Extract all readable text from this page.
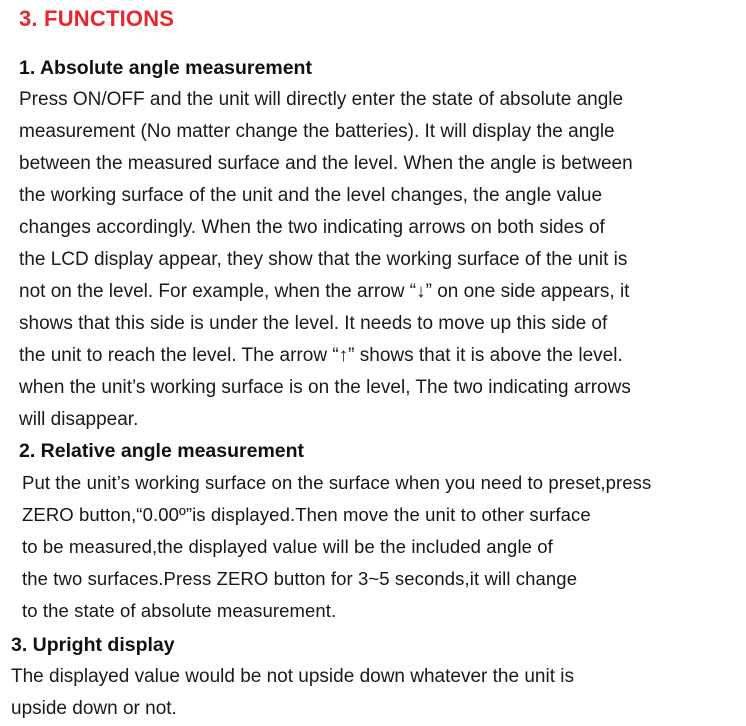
3. FUNCTIONS
1. Absolute angle measurement
Press ON/OFF and the unit will directly enter the state of absolute angle
measurement (No matter change the batteries). It will display the angle
between the measured surface and the level. When the angle is between
the working surface of the unit and the level changes, the angle value
changes accordingly. When the two indicating arrows on both sides of
the LCD display appear, they show that the working surface of the unit is
not on the level. For example, when the arrow “↓” on one side appears, it
shows that this side is under the level. It needs to move up this side of
the unit to reach the level. The arrow “↑” shows that it is above the level.
when the unit’s working surface is on the level, The two indicating arrows
will disappear.
2. Relative angle measurement
Put the unit’s working surface on the surface when you need to preset,press
ZERO button,“0.00º”is displayed.Then move the unit to other surface
to be measured,the displayed value will be the included angle of
the two surfaces.Press ZERO button for 3~5 seconds,it will change
to the state of absolute measurement.
3. Upright display
The displayed value would be not upside down whatever the unit is
upside down or not.
